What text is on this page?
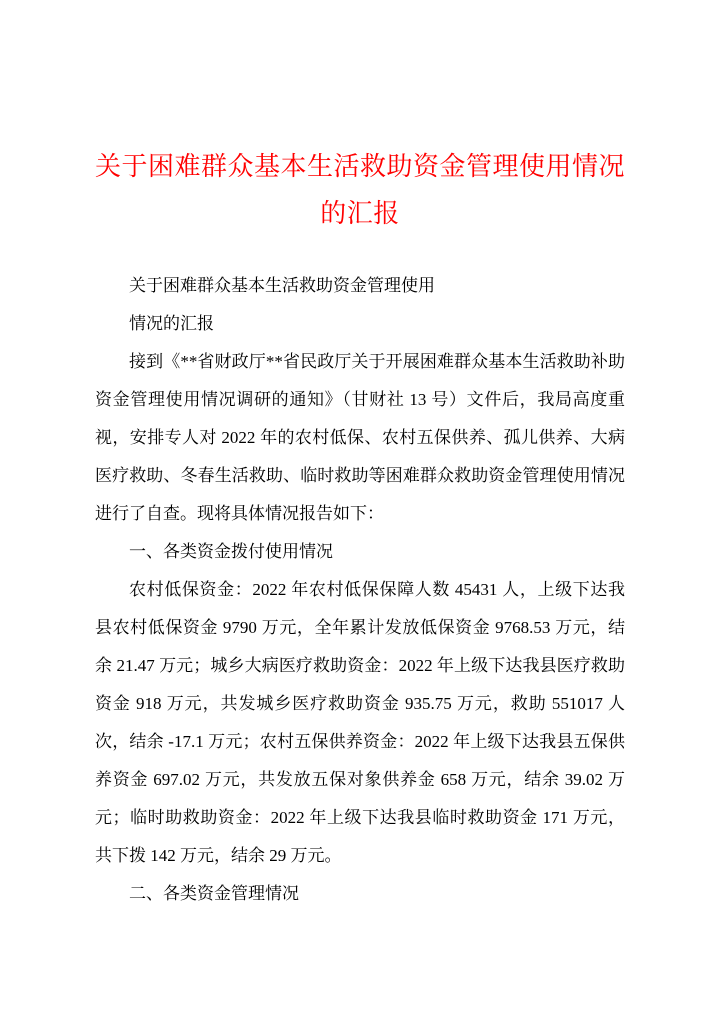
关于困难群众基本生活救助资金管理使用情况的汇报

关于困难群众基本生活救助资金管理使用

情况的汇报

接到《**省财政厅**省民政厅关于开展困难群众基本生活救助补助资金管理使用情况调研的通知》（甘财社 13 号）文件后，我局高度重视，安排专人对 2022 年的农村低保、农村五保供养、孤儿供养、大病医疗救助、冬春生活救助、临时救助等困难群众救助资金管理使用情况进行了自查。现将具体情况报告如下：

一、各类资金拨付使用情况

农村低保资金：2022 年农村低保保障人数 45431 人，上级下达我县农村低保资金 9790 万元，全年累计发放低保资金 9768.53 万元，结余 21.47 万元；城乡大病医疗救助资金：2022 年上级下达我县医疗救助资金 918 万元，共发城乡医疗救助资金 935.75 万元，救助 551017 人次，结余 -17.1 万元；农村五保供养资金：2022 年上级下达我县五保供养资金 697.02 万元，共发放五保对象供养金 658 万元，结余 39.02 万元；临时助救助资金：2022 年上级下达我县临时救助资金 171 万元，共下拨 142 万元，结余 29 万元。

二、各类资金管理情况
